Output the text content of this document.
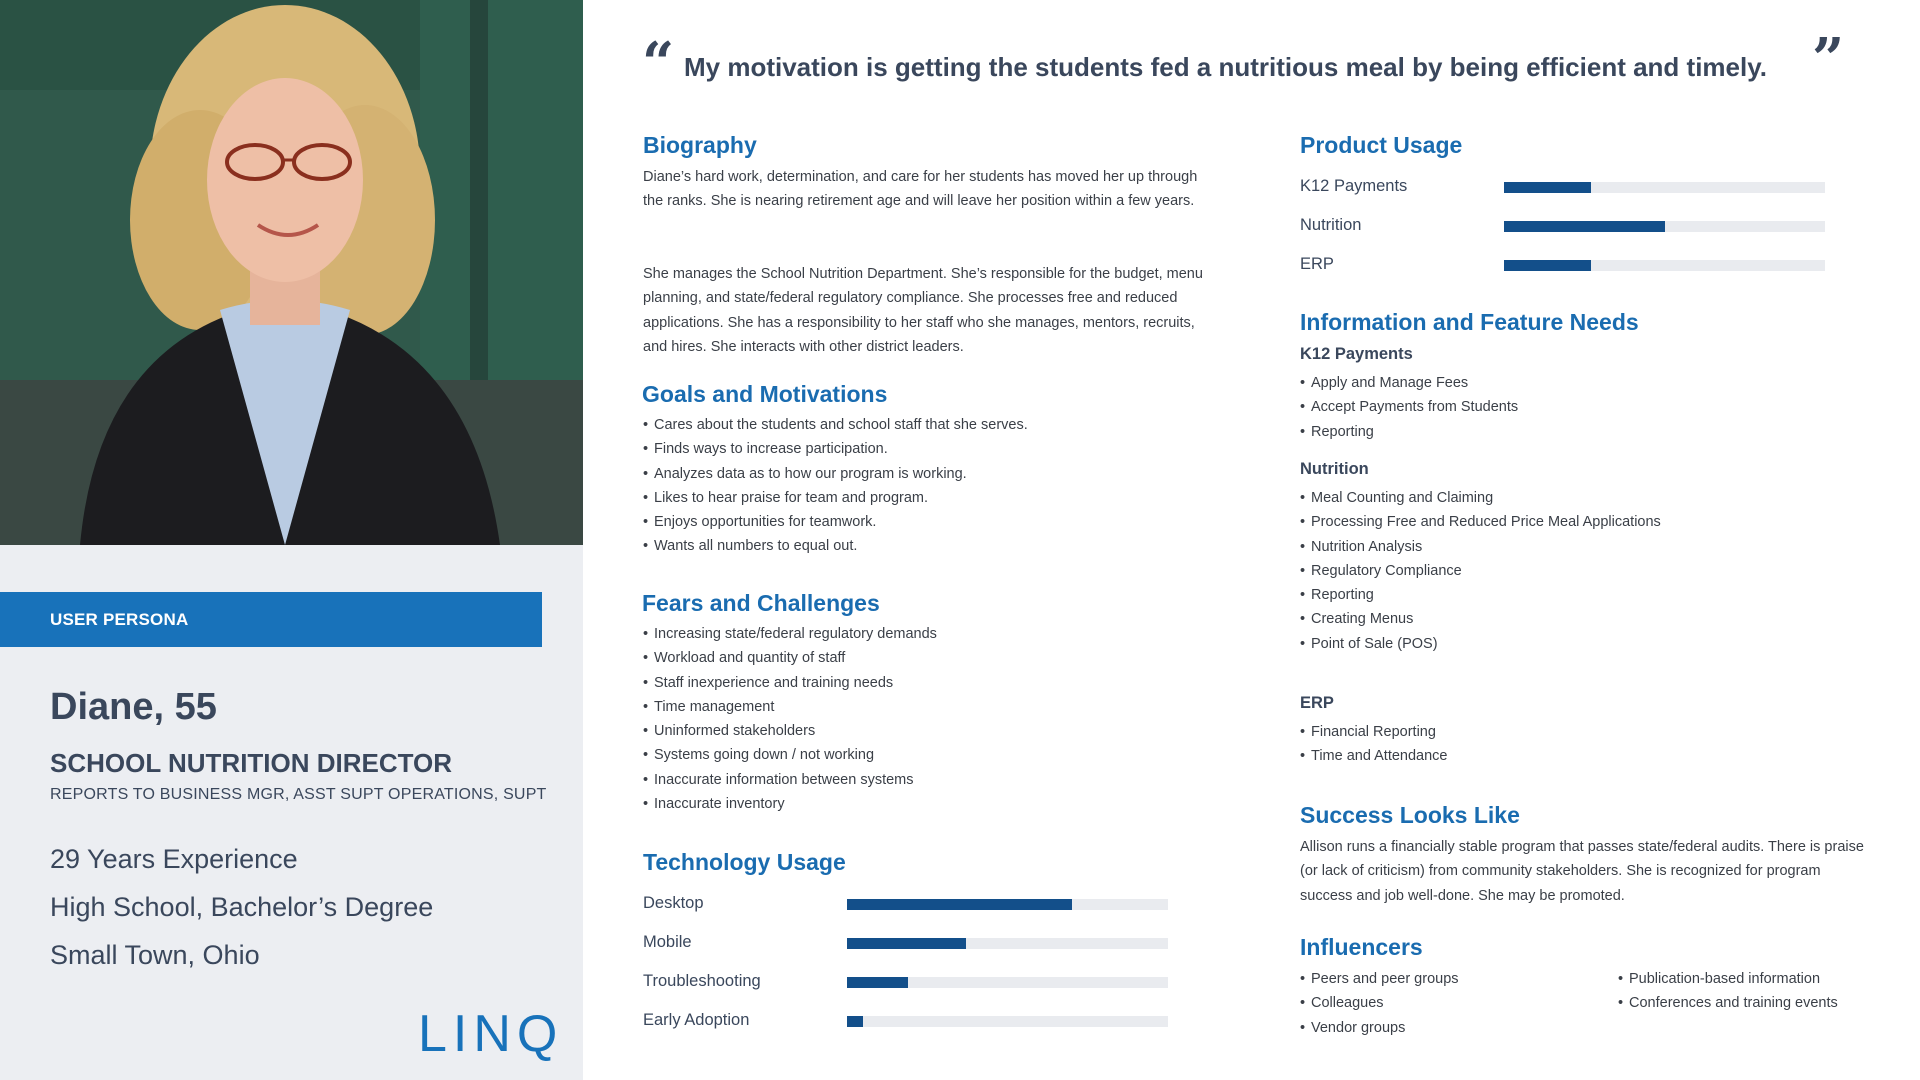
USER PERSONA
Diane, 55
SCHOOL NUTRITION DIRECTOR
REPORTS TO BUSINESS MGR, ASST SUPT OPERATIONS, SUPT
29 Years Experience
High School, Bachelor’s Degree
Small Town, Ohio
LINQ
“ My motivation is getting the students fed a nutritious meal by being efficient and timely. ”
Biography
Diane’s hard work, determination, and care for her students has moved her up through the ranks. She is nearing retirement age and will leave her position within a few years.
She manages the School Nutrition Department. She’s responsible for the budget, menu planning, and state/federal regulatory compliance. She processes free and reduced applications. She has a responsibility to her staff who she manages, mentors, recruits, and hires. She interacts with other district leaders.
Goals and Motivations
• Cares about the students and school staff that she serves.
• Finds ways to increase participation.
• Analyzes data as to how our program is working.
• Likes to hear praise for team and program.
• Enjoys opportunities for teamwork.
• Wants all numbers to equal out.
Fears and Challenges
• Increasing state/federal regulatory demands
• Workload and quantity of staff
• Staff inexperience and training needs
• Time management
• Uninformed stakeholders
• Systems going down / not working
• Inaccurate information between systems
• Inaccurate inventory
Technology Usage
Desktop
Mobile
Troubleshooting
Early Adoption
Product Usage
K12 Payments
Nutrition
ERP
Information and Feature Needs
K12 Payments
• Apply and Manage Fees
• Accept Payments from Students
• Reporting
Nutrition
• Meal Counting and Claiming
• Processing Free and Reduced Price Meal Applications
• Nutrition Analysis
• Regulatory Compliance
• Reporting
• Creating Menus
• Point of Sale (POS)
ERP
• Financial Reporting
• Time and Attendance
Success Looks Like
Allison runs a financially stable program that passes state/federal audits. There is praise (or lack of criticism) from community stakeholders. She is recognized for program success and job well-done. She may be promoted.
Influencers
• Peers and peer groups
• Colleagues
• Vendor groups
• Publication-based information
• Conferences and training events
